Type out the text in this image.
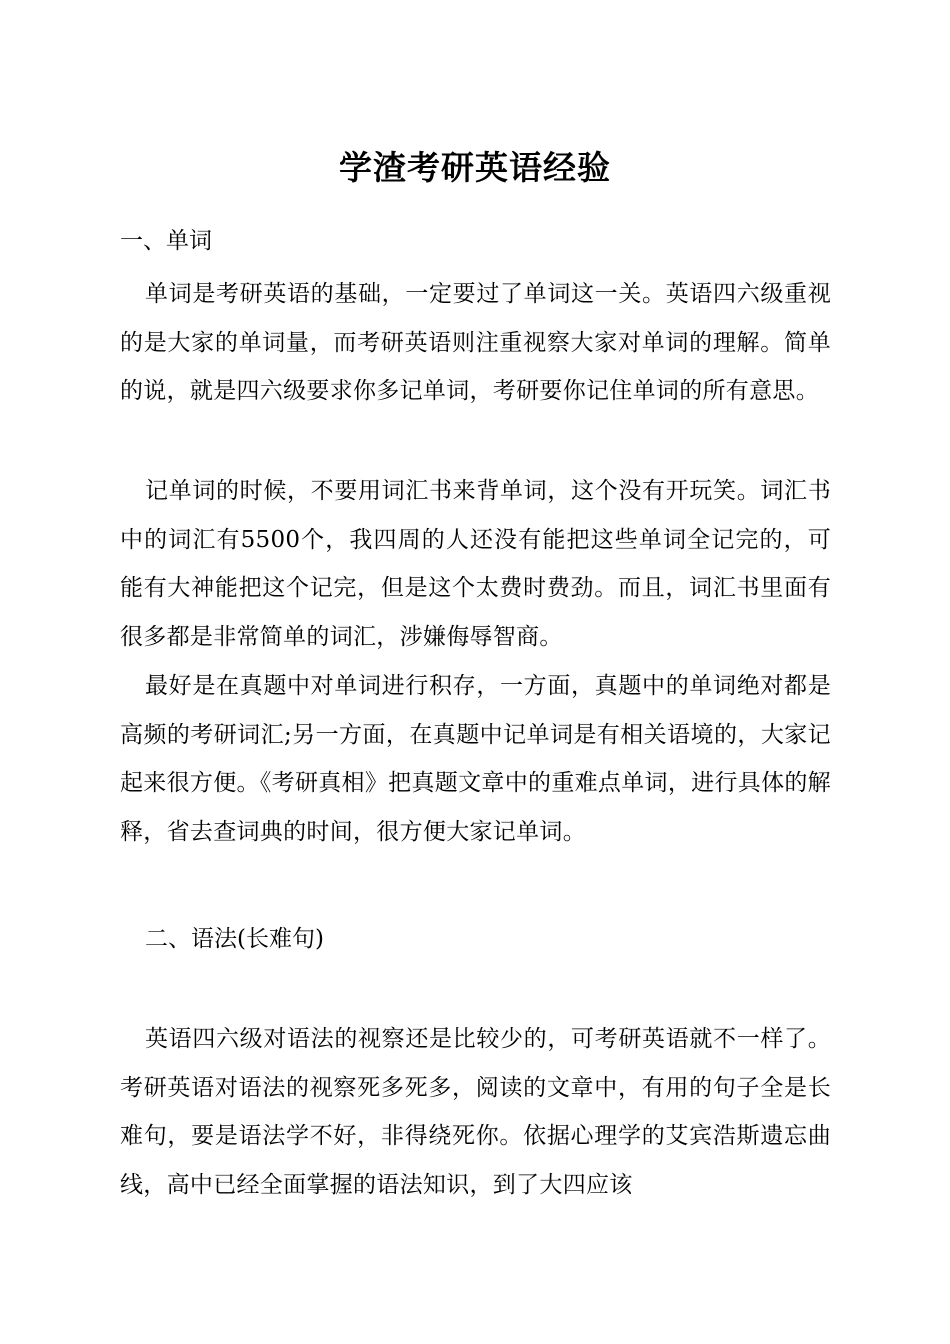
学渣考研英语经验
一、单词
单词是考研英语的基础，一定要过了单词这一关。英语四六级重视的是大家的单词量，而考研英语则注重视察大家对单词的理解。简单的说，就是四六级要求你多记单词，考研要你记住单词的所有意思。
记单词的时候，不要用词汇书来背单词，这个没有开玩笑。词汇书中的词汇有5500个，我四周的人还没有能把这些单词全记完的，可能有大神能把这个记完，但是这个太费时费劲。而且，词汇书里面有很多都是非常简单的词汇，涉嫌侮辱智商。
最好是在真题中对单词进行积存，一方面，真题中的单词绝对都是高频的考研词汇;另一方面，在真题中记单词是有相关语境的，大家记起来很方便。《考研真相》把真题文章中的重难点单词，进行具体的解释，省去查词典的时间，很方便大家记单词。
二、语法(长难句)
英语四六级对语法的视察还是比较少的，可考研英语就不一样了。考研英语对语法的视察死多死多，阅读的文章中，有用的句子全是长难句，要是语法学不好，非得绕死你。依据心理学的艾宾浩斯遗忘曲线，高中已经全面掌握的语法知识，到了大四应该
